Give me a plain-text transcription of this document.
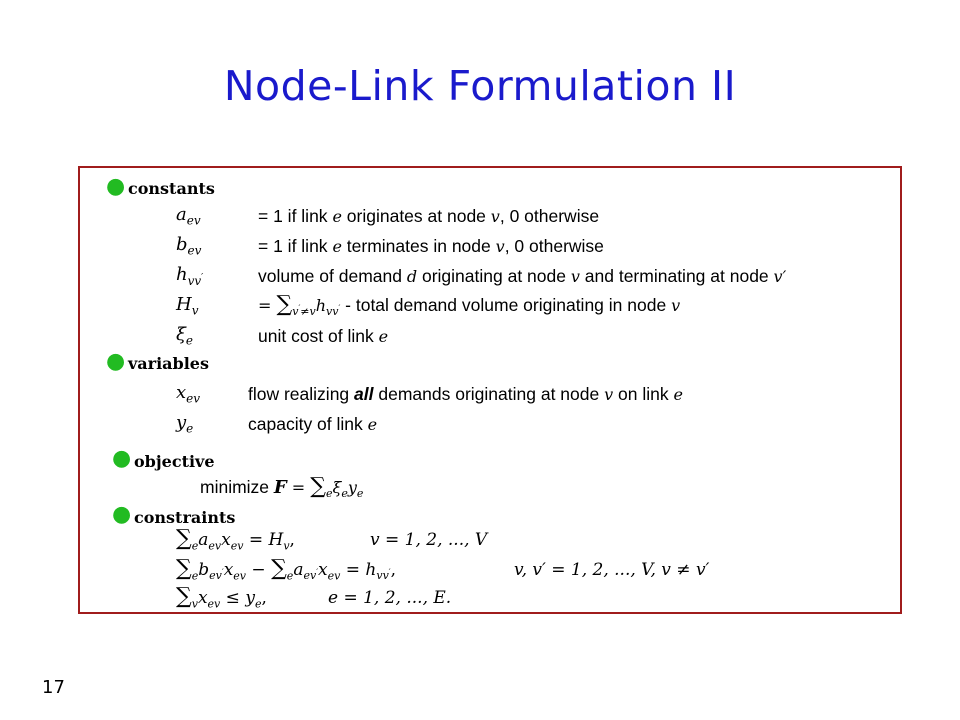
Node-Link Formulation II
● constants
$a_{ev}$	= 1 if link e originates at node v, 0 otherwise
$b_{ev}$	= 1 if link e terminates in node v, 0 otherwise
$h_{vv'}$	volume of demand d originating at node v and terminating at node v′
$H_v$	= $\sum_{v'\ne v}h_{vv'}$ - total demand volume originating in node v
$\xi_e$	unit cost of link e
● variables
$x_{ev}$	flow realizing all demands originating at node v on link e
$y_e$	capacity of link e
● objective
minimize $F = \sum_e\xi_ey_e$
● constraints
$\sum_ea_{ev}x_{ev} = H_v$,	v = 1, 2, ..., V
$\sum_eb_{ev'}x_{ev} - \sum_ea_{ev'}x_{ev} = h_{vv'}$,	v, v′ = 1, 2, ..., V, v ≠ v′
$\sum_vx_{ev} \le y_e$,	e = 1, 2, ..., E.
17
